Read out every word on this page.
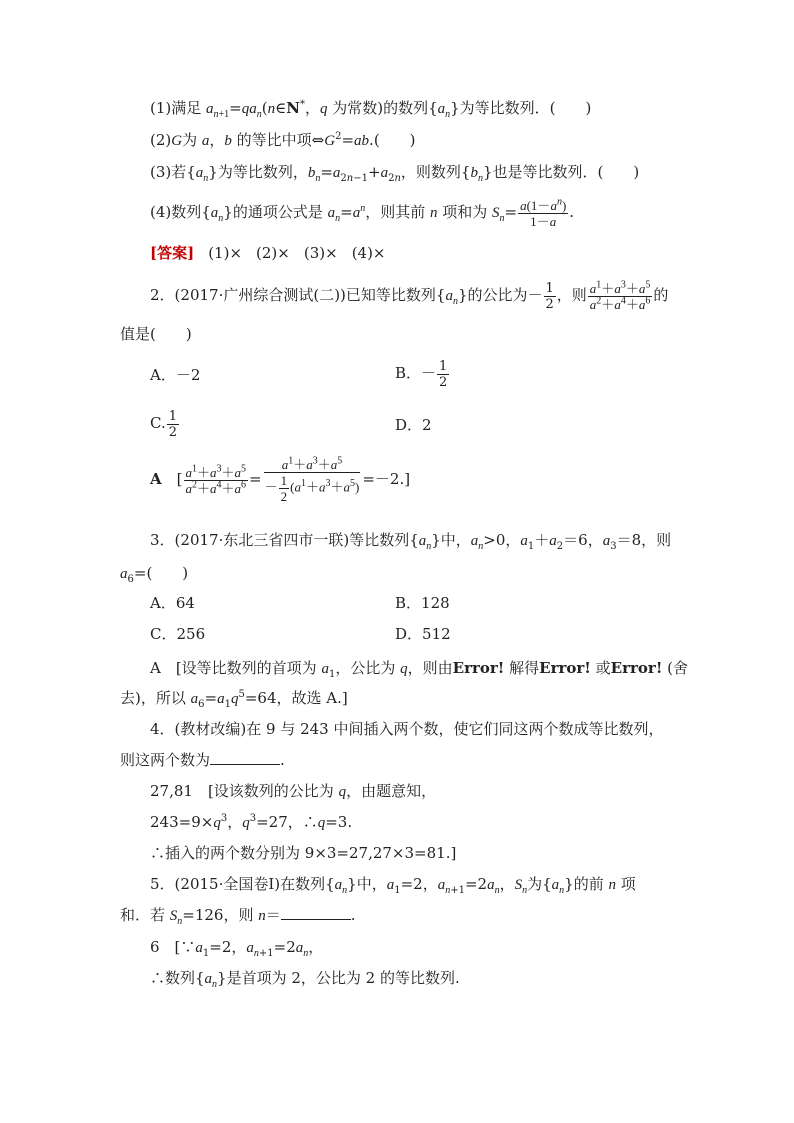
(1)满足 $a_{n+1}=qa_n(n\in N^*$，q 为常数)的数列$\{a_n\}$为等比数列．(　　)
(2)G为 a，b 的等比中项$\Leftrightarrow G^2=ab$.(　　)
(3)若$\{a_n\}$为等比数列，$b_n=a_{2n-1}+a_{2n}$，则数列$\{b_n\}$也是等比数列．(　　)
(4)数列$\{a_n\}$的通项公式是 $a_n=a^n$，则其前 n 项和为 $S_n= \frac{a(1-a^n)}{1-a}$ .
[答案] (1)× (2)× (3)× (4)×
2．(2017·广州综合测试(二))已知等比数列$\{a_n\}$的公比为－ $\frac{1}{2}$ ，则 $\frac{a^1+a^3+a^5}{a^2+a^4+a^6}$ 的
值是(　　)
A．－2	B．－ $\frac{1}{2}$
C. $\frac{1}{2}$	D．2
A　[ $\frac{a^1+a^3+a^5}{a^2+a^4+a^6} = \frac{a^1+a^3+a^5}{- \frac{1}{2} (a^1+a^3+a^5)} =-2$.]
3．(2017·东北三省四市一联)等比数列$\{a_n\}$中，$a_n>0$，$a_1+a_2=6$，$a_3=8$，则
$a_6=$(　　)
A．64	B．128
C．256	D．512
A　[设等比数列的首项为 $a_1$，公比为 q，则由Error! 解得Error! 或Error! (舍
去)，所以 $a_6=a_1q^5=64$，故选 A.]
4．(教材改编)在 9 与 243 中间插入两个数，使它们同这两个数成等比数列，
则这两个数为	.
27,81　[设该数列的公比为 q，由题意知，
$243=9\times q^3$，$q^3=27$，∴q=3.
∴插入的两个数分别为 9×3=27,27×3=81.]
5．(2015·全国卷Ⅰ)在数列$\{a_n\}$中，$a_1=2$，$a_{n+1}=2a_n$，$S_n$为$\{a_n\}$的前 n 项
和．若 $S_n=126$，则 n＝	.
6　[$\because a_1=2$，$a_{n+1}=2a_n$，
∴数列$\{a_n\}$是首项为 2，公比为 2 的等比数列.
